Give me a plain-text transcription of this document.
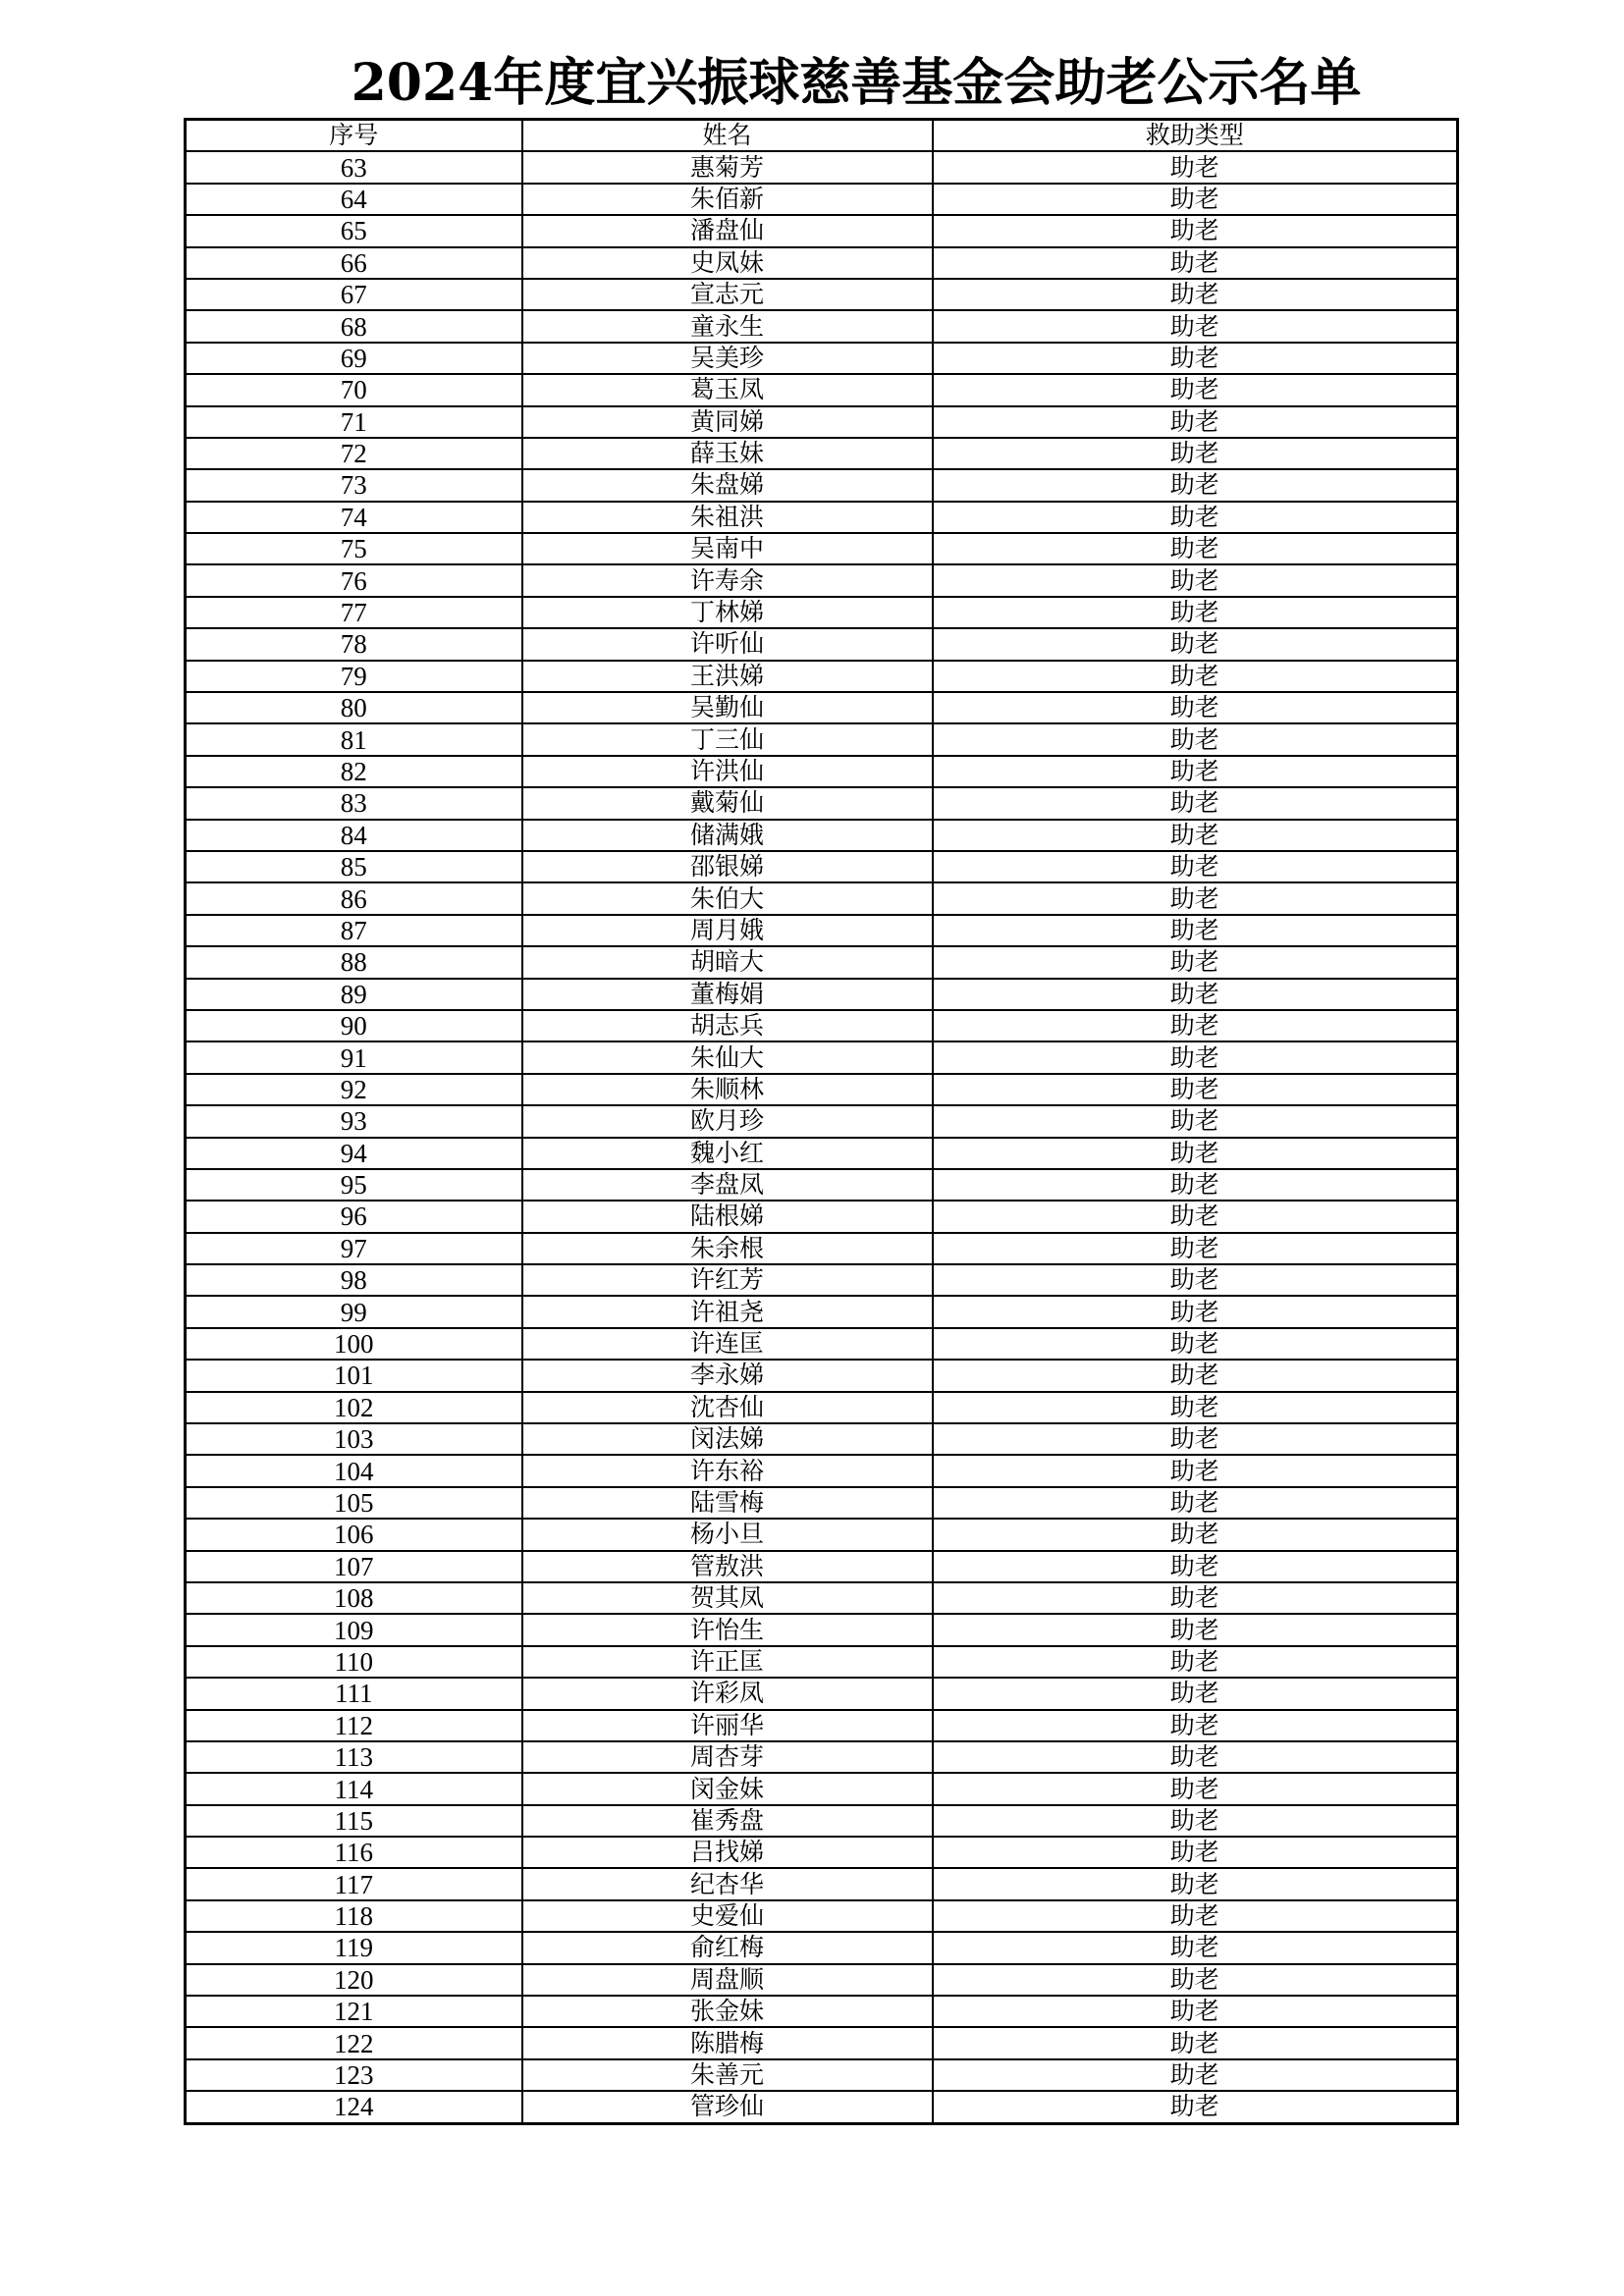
2024年度宜兴振球慈善基金会助老公示名单
序号	姓名	救助类型
63	惠菊芳	助老
64	朱佰新	助老
65	潘盘仙	助老
66	史凤妹	助老
67	宣志元	助老
68	童永生	助老
69	吴美珍	助老
70	葛玉凤	助老
71	黄同娣	助老
72	薛玉妹	助老
73	朱盘娣	助老
74	朱祖洪	助老
75	吴南中	助老
76	许寿余	助老
77	丁林娣	助老
78	许听仙	助老
79	王洪娣	助老
80	吴勤仙	助老
81	丁三仙	助老
82	许洪仙	助老
83	戴菊仙	助老
84	储满娥	助老
85	邵银娣	助老
86	朱伯大	助老
87	周月娥	助老
88	胡暗大	助老
89	董梅娟	助老
90	胡志兵	助老
91	朱仙大	助老
92	朱顺林	助老
93	欧月珍	助老
94	魏小红	助老
95	李盘凤	助老
96	陆根娣	助老
97	朱余根	助老
98	许红芳	助老
99	许祖尧	助老
100	许连匡	助老
101	李永娣	助老
102	沈杏仙	助老
103	闵法娣	助老
104	许东裕	助老
105	陆雪梅	助老
106	杨小旦	助老
107	管敖洪	助老
108	贺其凤	助老
109	许怡生	助老
110	许正匡	助老
111	许彩凤	助老
112	许丽华	助老
113	周杏芽	助老
114	闵金妹	助老
115	崔秀盘	助老
116	吕找娣	助老
117	纪杏华	助老
118	史爱仙	助老
119	俞红梅	助老
120	周盘顺	助老
121	张金妹	助老
122	陈腊梅	助老
123	朱善元	助老
124	管珍仙	助老
